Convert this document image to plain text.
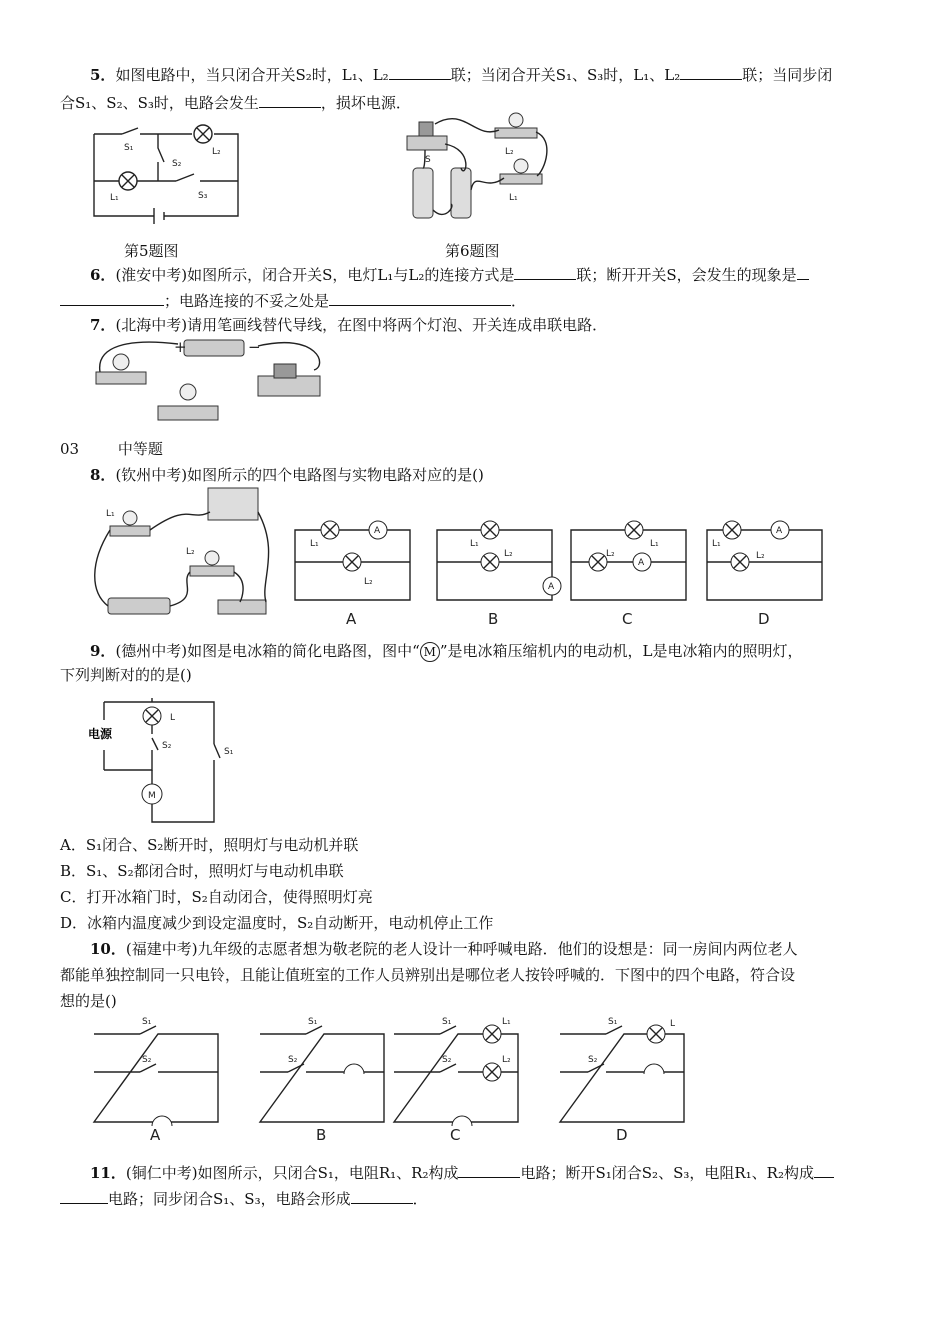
5．如图电路中，当只闭合开关S₂时，L₁、L₂	联；当闭合开关S₁、S₃时，L₁、L₂	联；当同步闭
合S₁、S₂、S₃时，电路会发生	，损坏电源．
S₁
S₂
L₂
L₁	S₃
第5题图
S
L₂
L₁
第6题图
6．(淮安中考)如图所示，闭合开关S，电灯L₁与L₂的连接方式是	联；断开开关S，会发生的现象是
；电路连接的不妥之处是	．
7．(北海中考)请用笔画线替代导线，在图中将两个灯泡、开关连成串联电路．
+	−
03	中等题
8．(钦州中考)如图所示的四个电路图与实物电路对应的是()
L₁
L₂
A
L₁
L₂
A
A
L₁
L₂
B
A
L₁
L₂
C
A
L₁
L₂
D
9．(德州中考)如图是电冰箱的简化电路图，图中“ M ”是电冰箱压缩机内的电动机，L是电冰箱内的照明灯，
下列判断对的的是()
M
L
S₂
S₁
电源
A．S₁闭合、S₂断开时，照明灯与电动机并联
B．S₁、S₂都闭合时，照明灯与电动机串联
C．打开冰箱门时，S₂自动闭合，使得照明灯亮
D．冰箱内温度减少到设定温度时，S₂自动断开，电动机停止工作
10．(福建中考)九年级的志愿者想为敬老院的老人设计一种呼喊电路．他们的设想是：同一房间内两位老人
都能单独控制同一只电铃，且能让值班室的工作人员辨别出是哪位老人按铃呼喊的．下图中的四个电路，符合设
想的是()
S₁
S₂
A
S₁
S₂
B
S₁
S₂
L₁
L₂
C
S₁
S₂
L
D
11．(铜仁中考)如图所示，只闭合S₁，电阻R₁、R₂构成	电路；断开S₁闭合S₂、S₃，电阻R₁、R₂构成
电路；同步闭合S₁、S₃，电路会形成	．
